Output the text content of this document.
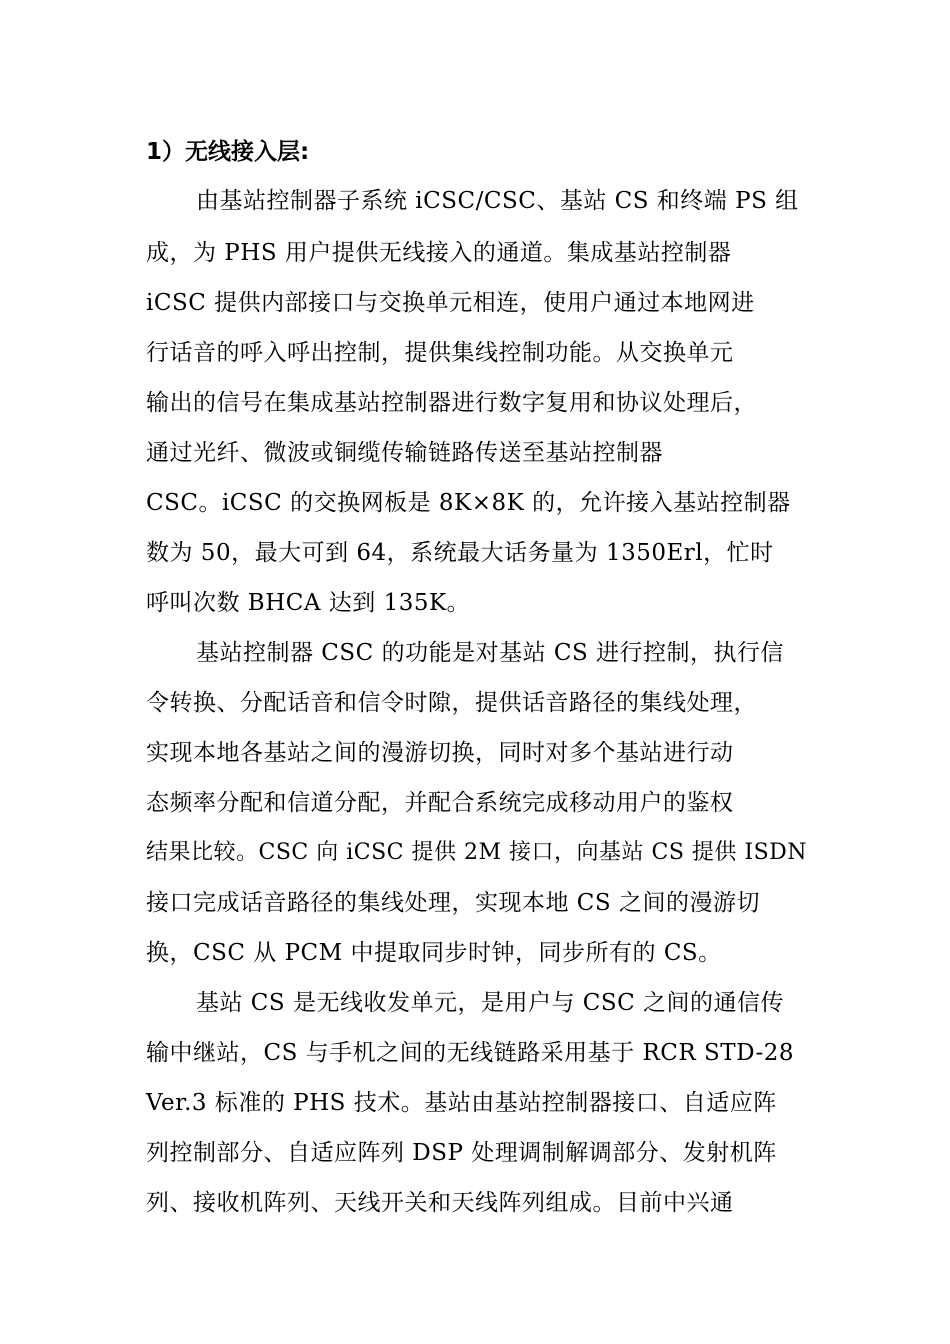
1）无线接入层:
由基站控制器子系统 iCSC/CSC、基站 CS 和终端 PS 组
成，为 PHS 用户提供无线接入的通道。集成基站控制器
iCSC 提供内部接口与交换单元相连，使用户通过本地网进
行话音的呼入呼出控制，提供集线控制功能。从交换单元
输出的信号在集成基站控制器进行数字复用和协议处理后，
通过光纤、微波或铜缆传输链路传送至基站控制器
CSC。iCSC 的交换网板是 8K×8K 的，允许接入基站控制器
数为 50，最大可到 64，系统最大话务量为 1350Erl，忙时
呼叫次数 BHCA 达到 135K。
基站控制器 CSC 的功能是对基站 CS 进行控制，执行信
令转换、分配话音和信令时隙，提供话音路径的集线处理，
实现本地各基站之间的漫游切换，同时对多个基站进行动
态频率分配和信道分配，并配合系统完成移动用户的鉴权
结果比较。CSC 向 iCSC 提供 2M 接口，向基站 CS 提供 ISDN
接口完成话音路径的集线处理，实现本地 CS 之间的漫游切
换，CSC 从 PCM 中提取同步时钟，同步所有的 CS。
基站 CS 是无线收发单元，是用户与 CSC 之间的通信传
输中继站，CS 与手机之间的无线链路采用基于 RCR STD-28
Ver.3 标准的 PHS 技术。基站由基站控制器接口、自适应阵
列控制部分、自适应阵列 DSP 处理调制解调部分、发射机阵
列、接收机阵列、天线开关和天线阵列组成。目前中兴通
